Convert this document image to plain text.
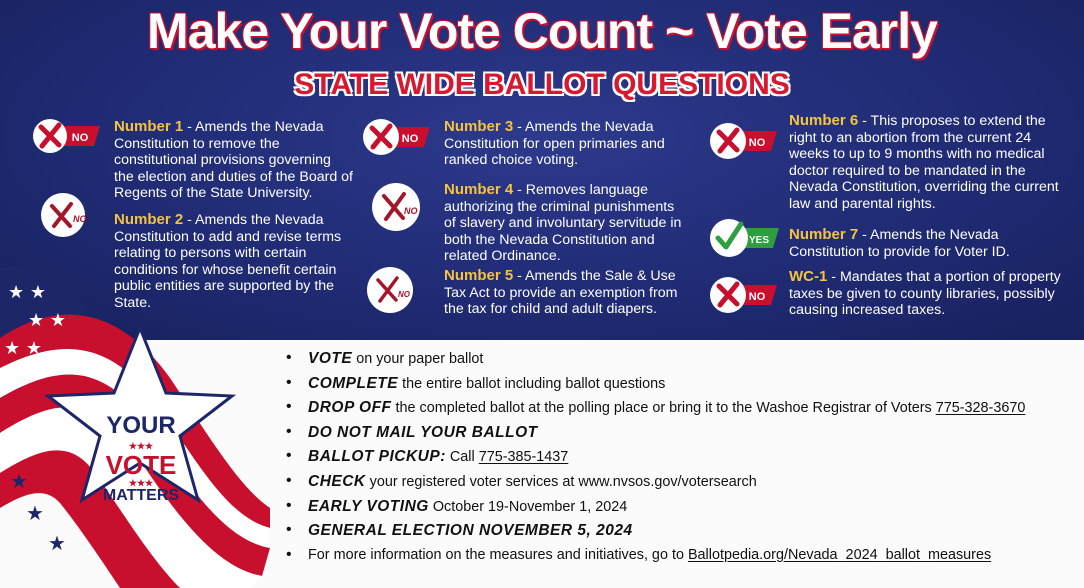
Make Your Vote Count ~ Vote Early
STATE WIDE BALLOT QUESTIONS
NO
NO
NO
NO
NO
NO
YES
NO
Number 1 - Amends the Nevada Constitution to remove the constitutional provisions governing the election and duties of the Board of Regents of the State University.
Number 2 - Amends the Nevada Constitution to add and revise terms relating to persons with certain conditions for whose benefit certain public entities are supported by the State.
Number 3 - Amends the Nevada Constitution for open primaries and ranked choice voting.
Number 4 - Removes language authorizing the criminal punishments of slavery and involuntary servitude in both the Nevada Constitution and related Ordinance.
Number 5 - Amends the Sale & Use Tax Act to provide an exemption from the tax for child and adult diapers.
Number 6 - This proposes to extend the right to an abortion from the current 24 weeks to up to 9 months with no medical doctor required to be mandated in the Nevada Constitution, overriding the current law and parental rights.
Number 7 - Amends the Nevada Constitution to provide for Voter ID.
WC-1 - Mandates that a portion of property taxes be given to county libraries, possibly causing increased taxes.
★ ★
★ ★
★ ★
★
★
★
YOUR
★★★
VOTE
★★★
MATTERS
• VOTE on your paper ballot
• COMPLETE the entire ballot including ballot questions
• DROP OFF the completed ballot at the polling place or bring it to the Washoe Registrar of Voters 775-328-3670
• DO NOT MAIL YOUR BALLOT
• BALLOT PICKUP: Call 775-385-1437
• CHECK your registered voter services at www.nvsos.gov/votersearch
• EARLY VOTING October 19-November 1, 2024
• GENERAL ELECTION NOVEMBER 5, 2024
• For more information on the measures and initiatives, go to Ballotpedia.org/Nevada_2024_ballot_measures
